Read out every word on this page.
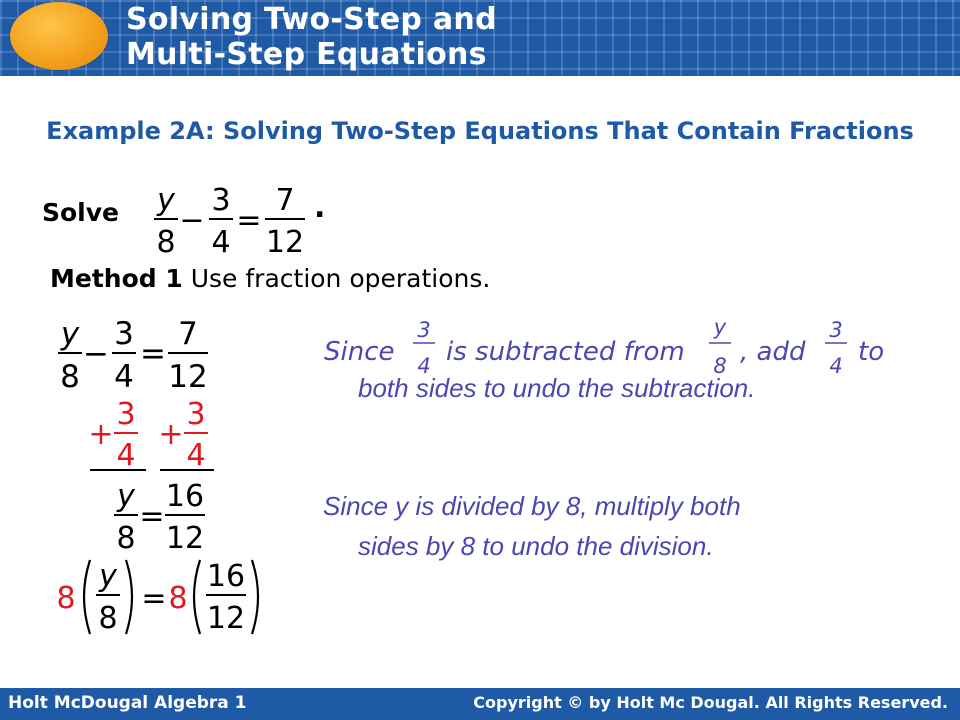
Solving Two-Step and
Multi-Step Equations
Example 2A: Solving Two-Step Equations That Contain Fractions
Solve y
8
−
3
4
=
7
12
.
Method 1 Use fraction operations.
y
8
−
3
4
=
7
12
+
3
4
+
3
4
y
8
=
16
12
8
y
8
= 8
16
12
Since
3
4 is subtracted from
y
8 , add
3
4 to
both sides to undo the subtraction.
Since y is divided by 8, multiply both
sides by 8 to undo the division.
Holt McDougal Algebra 1	Copyright © by Holt Mc Dougal. All Rights Reserved.
